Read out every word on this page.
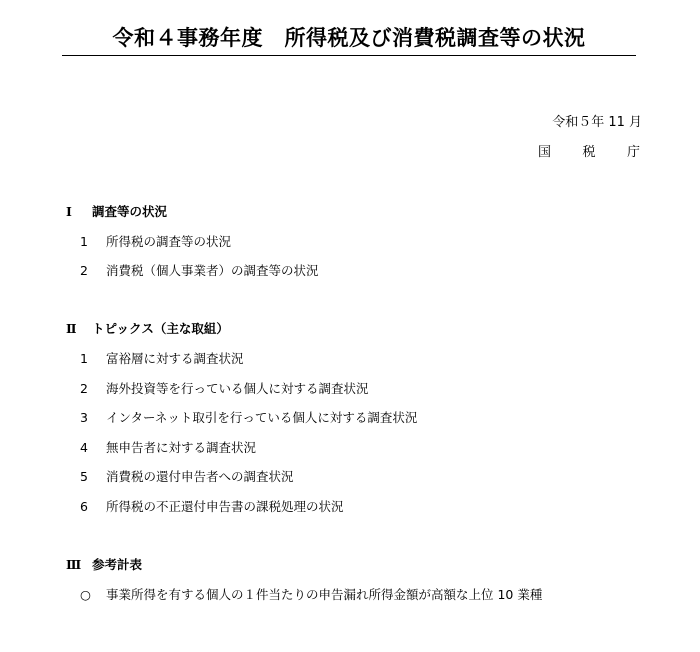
令和４事務年度　所得税及び消費税調査等の状況
令和５年 11 月
国 税 庁
Ⅰ 調査等の状況
1 所得税の調査等の状況
2 消費税（個人事業者）の調査等の状況
Ⅱ トピックス（主な取組）
1 富裕層に対する調査状況
2 海外投資等を行っている個人に対する調査状況
3 インターネット取引を行っている個人に対する調査状況
4 無申告者に対する調査状況
5 消費税の還付申告者への調査状況
6 所得税の不正還付申告書の課税処理の状況
Ⅲ 参考計表
○ 事業所得を有する個人の１件当たりの申告漏れ所得金額が高額な上位 10 業種
